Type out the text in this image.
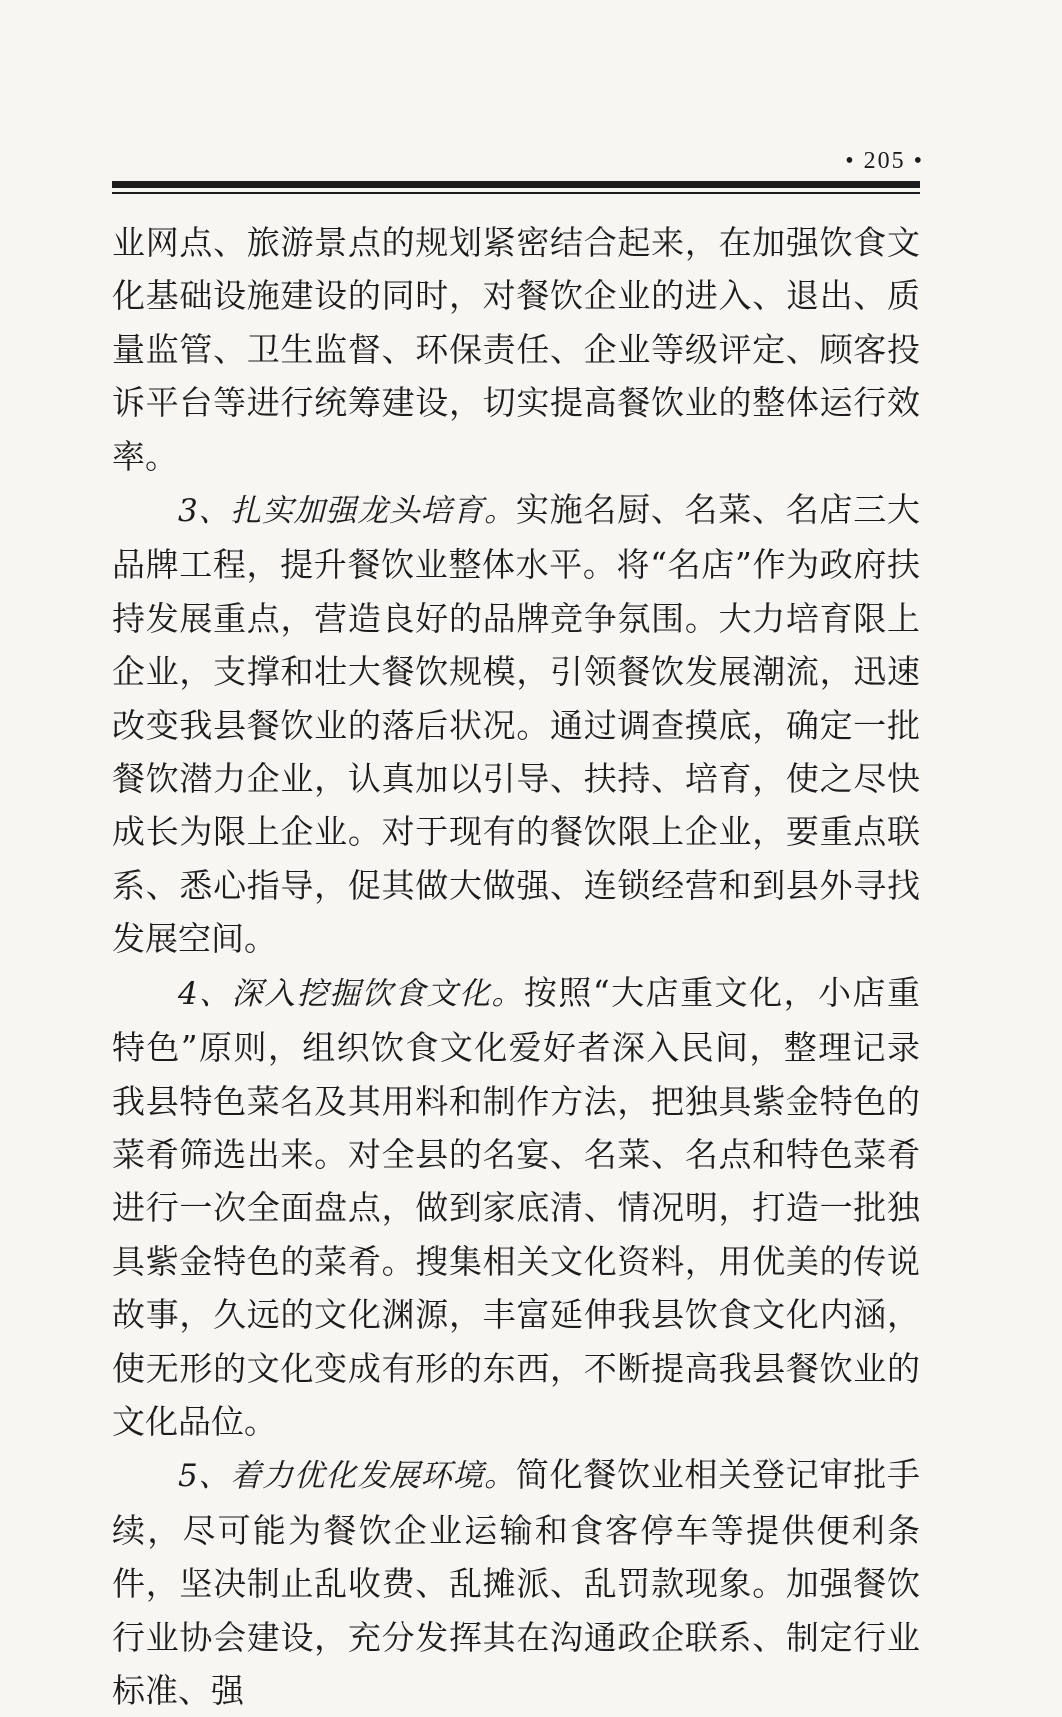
• 205 •

业网点、旅游景点的规划紧密结合起来，在加强饮食文化基础设施建设的同时，对餐饮企业的进入、退出、质量监管、卫生监督、环保责任、企业等级评定、顾客投诉平台等进行统筹建设，切实提高餐饮业的整体运行效率。

3、扎实加强龙头培育。实施名厨、名菜、名店三大品牌工程，提升餐饮业整体水平。将“名店”作为政府扶持发展重点，营造良好的品牌竞争氛围。大力培育限上企业，支撑和壮大餐饮规模，引领餐饮发展潮流，迅速改变我县餐饮业的落后状况。通过调查摸底，确定一批餐饮潜力企业，认真加以引导、扶持、培育，使之尽快成长为限上企业。对于现有的餐饮限上企业，要重点联系、悉心指导，促其做大做强、连锁经营和到县外寻找发展空间。

4、深入挖掘饮食文化。按照“大店重文化，小店重特色”原则，组织饮食文化爱好者深入民间，整理记录我县特色菜名及其用料和制作方法，把独具紫金特色的菜肴筛选出来。对全县的名宴、名菜、名点和特色菜肴进行一次全面盘点，做到家底清、情况明，打造一批独具紫金特色的菜肴。搜集相关文化资料，用优美的传说故事，久远的文化渊源，丰富延伸我县饮食文化内涵，使无形的文化变成有形的东西，不断提高我县餐饮业的文化品位。

5、着力优化发展环境。简化餐饮业相关登记审批手续，尽可能为餐饮企业运输和食客停车等提供便利条件，坚决制止乱收费、乱摊派、乱罚款现象。加强餐饮行业协会建设，充分发挥其在沟通政企联系、制定行业标准、强
